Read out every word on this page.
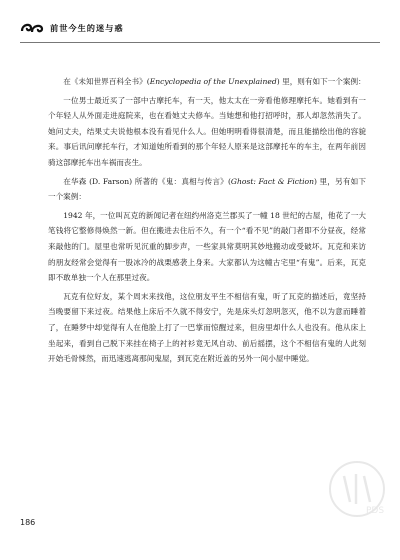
前世今生的迷与惑

在《未知世界百科全书》(Encyclopedia of the Unexplained) 里，则有如下一个案例：

一位男士最近买了一部中古摩托车，有一天，他太太在一旁看他修理摩托车。她看到有一个年轻人从外面走进庭院来，也在看她丈夫修车。当她想和他打招呼时，那人却忽然消失了。她问丈夫，结果丈夫说他根本没有看见什么人。但她明明看得很清楚，而且能描绘出他的容貌来。事后讯问摩托车行，才知道她所看到的那个年轻人原来是这部摩托车的车主，在两年前因骑这部摩托车出车祸而丧生。

在华森 (D. Farson) 所著的《鬼：真相与传言》(Ghost: Fact & Fiction) 里，另有如下一个案例：

1942 年，一位叫瓦克的新闻记者在纽约州洛克兰郡买了一幢 18 世纪的古屋，他花了一大笔钱将它整修得焕然一新。但在搬进去住后不久，有一个“看不见”的敲门者即不分昼夜，经常来敲他的门。屋里也常听见沉重的脚步声，一些家具常莫明其妙地搬动或受破坏。瓦克和来访的朋友经常会觉得有一股冰冷的战栗感袭上身来。大家都认为这幢古宅里“有鬼”。后来，瓦克即不敢单独一个人在那里过夜。

瓦克有位好友，某个周末来找他，这位朋友平生不相信有鬼，听了瓦克的描述后，竟坚持当晚要留下来过夜。结果他上床后不久就不得安宁，先是床头灯忽明忽灭，他不以为意而睡着了，在睡梦中却觉得有人在他脸上打了一巴掌而惊醒过来，但房里却什么人也没有。他从床上坐起来，看到自己脱下来挂在椅子上的衬衫竟无风自动、前后摇摆，这个不相信有鬼的人此刻开始毛骨悚然，而迅速逃离那间鬼屋，到瓦克在附近盖的另外一间小屋中睡觉。

186
PDS
